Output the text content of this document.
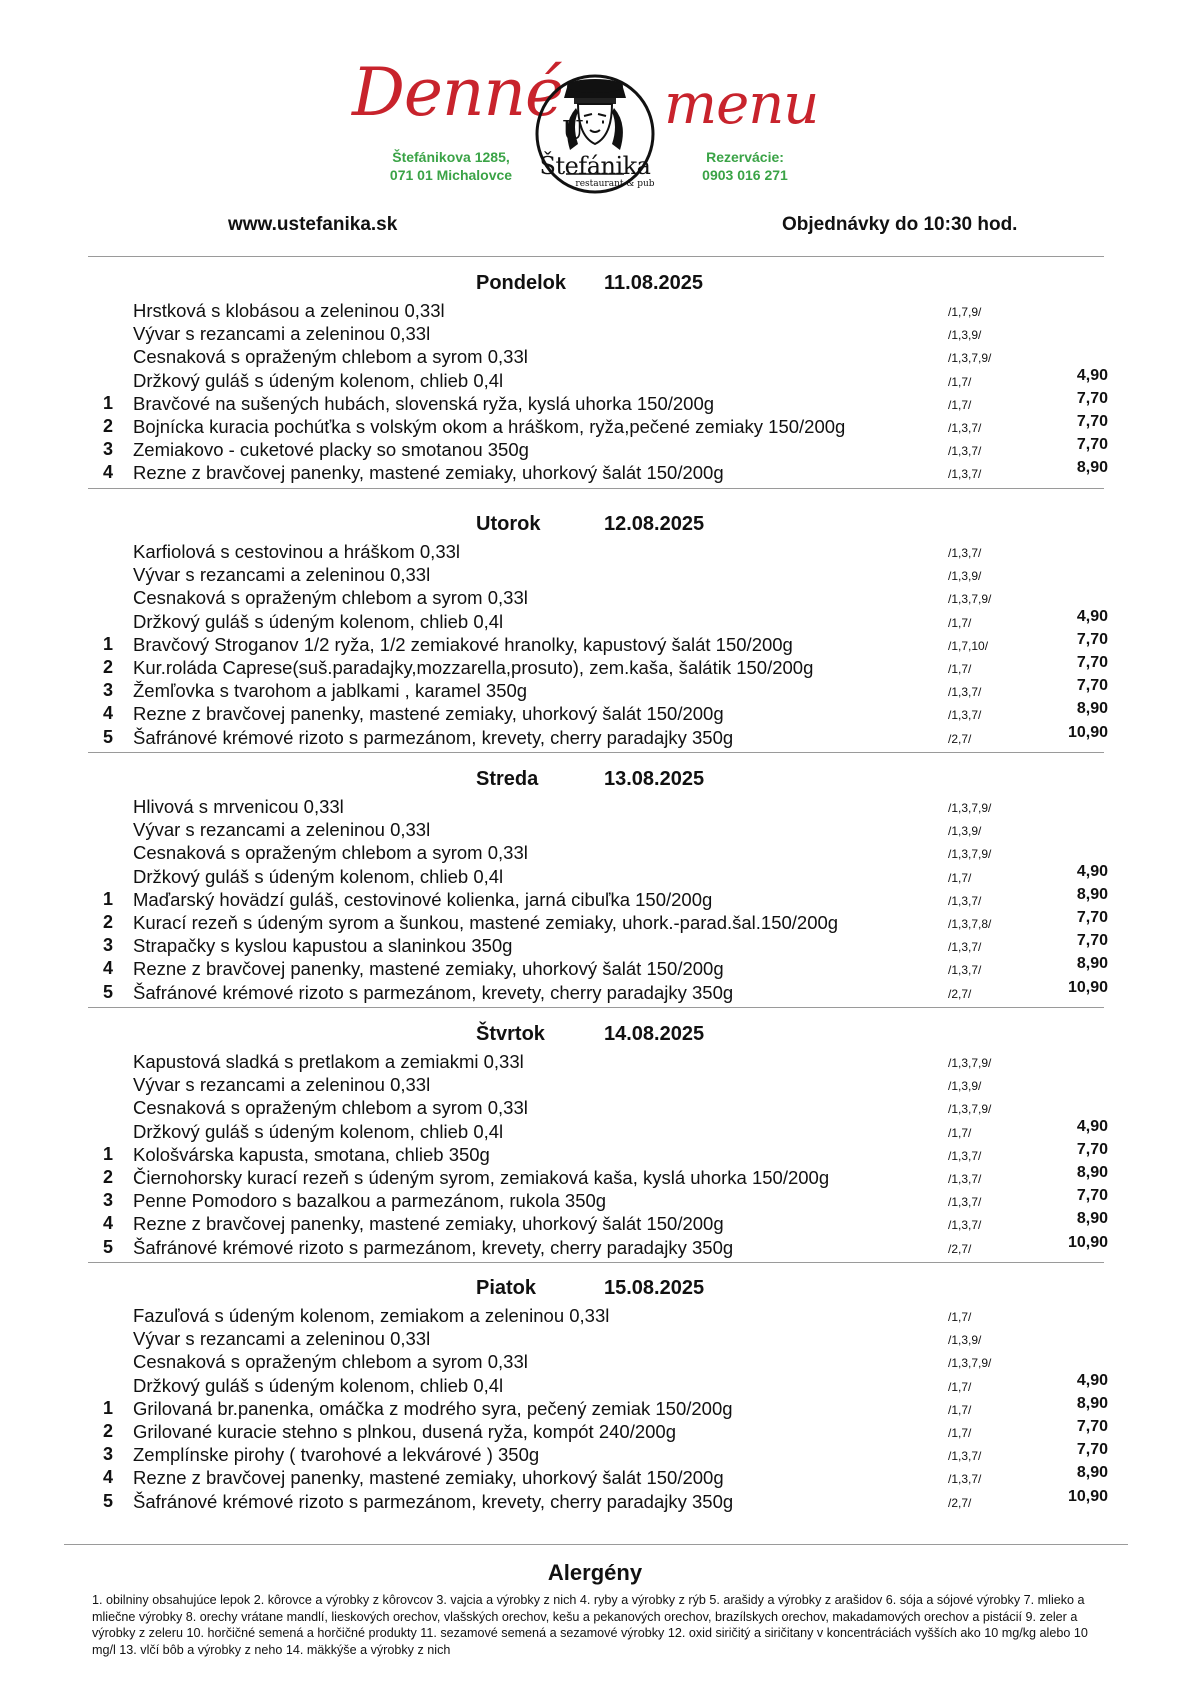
Denné menu
Štefánikova 1285,
071 01 Michalovce
U
Štefánika
restaurant & pub
Rezervácie:
0903 016 271
www.ustefanika.sk	Objednávky do 10:30 hod.
Pondelok 11.08.2025
Hrstková s klobásou a zeleninou 0,33l	/1,7,9/
Vývar s rezancami a zeleninou 0,33l	/1,3,9/
Cesnaková s opraženým chlebom a syrom 0,33l	/1,3,7,9/
Držkový guláš s údeným kolenom, chlieb 0,4l	/1,7/	4,90
1	Bravčové na sušených hubách, slovenská ryža, kyslá uhorka 150/200g	/1,7/	7,70
2	Bojnícka kuracia pochúťka s volským okom a hráškom, ryža,pečené zemiaky 150/200g	/1,3,7/	7,70
3	Zemiakovo - cuketové placky so smotanou 350g	/1,3,7/	7,70
4	Rezne z bravčovej panenky, mastené zemiaky, uhorkový šalát 150/200g	/1,3,7/	8,90
Utorok	12.08.2025
Karfiolová s cestovinou a hráškom 0,33l	/1,3,7/
Vývar s rezancami a zeleninou 0,33l	/1,3,9/
Cesnaková s opraženým chlebom a syrom 0,33l	/1,3,7,9/
Držkový guláš s údeným kolenom, chlieb 0,4l	/1,7/	4,90
1	Bravčový Stroganov 1/2 ryža, 1/2 zemiakové hranolky, kapustový šalát 150/200g	/1,7,10/	7,70
2	Kur.roláda Caprese(suš.paradajky,mozzarella,prosuto), zem.kaša, šalátik 150/200g	/1,7/	7,70
3	Žemľovka s tvarohom a jablkami , karamel 350g	/1,3,7/	7,70
4	Rezne z bravčovej panenky, mastené zemiaky, uhorkový šalát 150/200g	/1,3,7/	8,90
5	Šafránové krémové rizoto s parmezánom, krevety, cherry paradajky 350g	/2,7/	10,90
Streda	13.08.2025
Hlivová s mrvenicou 0,33l	/1,3,7,9/
Vývar s rezancami a zeleninou 0,33l	/1,3,9/
Cesnaková s opraženým chlebom a syrom 0,33l	/1,3,7,9/
Držkový guláš s údeným kolenom, chlieb 0,4l	/1,7/	4,90
1	Maďarský hovädzí guláš, cestovinové kolienka, jarná cibuľka 150/200g	/1,3,7/	8,90
2	Kurací rezeň s údeným syrom a šunkou, mastené zemiaky, uhork.-parad.šal.150/200g	/1,3,7,8/	7,70
3	Strapačky s kyslou kapustou a slaninkou 350g	/1,3,7/	7,70
4	Rezne z bravčovej panenky, mastené zemiaky, uhorkový šalát 150/200g	/1,3,7/	8,90
5	Šafránové krémové rizoto s parmezánom, krevety, cherry paradajky 350g	/2,7/	10,90
Štvrtok	14.08.2025
Kapustová sladká s pretlakom a zemiakmi 0,33l	/1,3,7,9/
Vývar s rezancami a zeleninou 0,33l	/1,3,9/
Cesnaková s opraženým chlebom a syrom 0,33l	/1,3,7,9/
Držkový guláš s údeným kolenom, chlieb 0,4l	/1,7/	4,90
1	Kološvárska kapusta, smotana, chlieb 350g	/1,3,7/	7,70
2	Čiernohorsky kurací rezeň s údeným syrom, zemiaková kaša, kyslá uhorka 150/200g	/1,3,7/	8,90
3	Penne Pomodoro s bazalkou a parmezánom, rukola 350g	/1,3,7/	7,70
4	Rezne z bravčovej panenky, mastené zemiaky, uhorkový šalát 150/200g	/1,3,7/	8,90
5	Šafránové krémové rizoto s parmezánom, krevety, cherry paradajky 350g	/2,7/	10,90
Piatok	15.08.2025
Fazuľová s údeným kolenom, zemiakom a zeleninou 0,33l	/1,7/
Vývar s rezancami a zeleninou 0,33l	/1,3,9/
Cesnaková s opraženým chlebom a syrom 0,33l	/1,3,7,9/
Držkový guláš s údeným kolenom, chlieb 0,4l	/1,7/	4,90
1	Grilovaná br.panenka, omáčka z modrého syra, pečený zemiak 150/200g	/1,7/	8,90
2	Grilované kuracie stehno s plnkou, dusená ryža, kompót 240/200g	/1,7/	7,70
3	Zemplínske pirohy ( tvarohové a lekvárové ) 350g	/1,3,7/	7,70
4	Rezne z bravčovej panenky, mastené zemiaky, uhorkový šalát 150/200g	/1,3,7/	8,90
5	Šafránové krémové rizoto s parmezánom, krevety, cherry paradajky 350g	/2,7/	10,90
Alergény
1. obilniny obsahujúce lepok 2. kôrovce a výrobky z kôrovcov 3. vajcia a výrobky z nich 4. ryby a výrobky z rýb 5. arašidy a výrobky z arašidov 6. sója a sójové výrobky 7. mlieko a mliečne výrobky 8. orechy vrátane mandlí, lieskových orechov, vlašských orechov, kešu a pekanových orechov, brazílskych orechov, makadamových orechov a pistácií 9. zeler a výrobky z zeleru 10. horčičné semená a horčičné produkty 11. sezamové semená a sezamové výrobky 12. oxid siričitý a siričitany v koncentráciách vyšších ako 10 mg/kg alebo 10 mg/l 13. vlčí bôb a výrobky z neho 14. mäkkýše a výrobky z nich
